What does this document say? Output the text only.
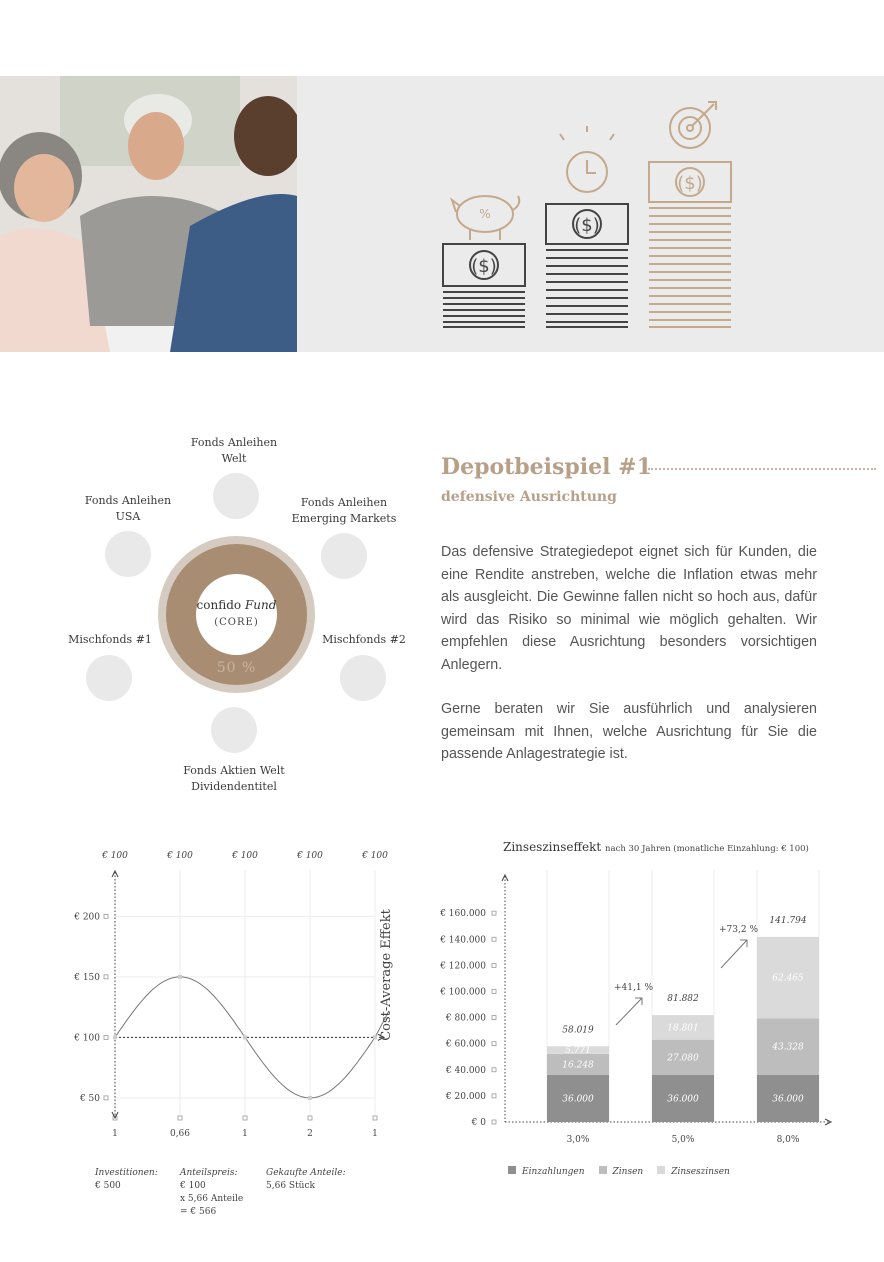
%
($)
($)
($)
Fonds Anleihen
Welt
Fonds Anleihen
Emerging Markets
Mischfonds #2
Fonds Aktien Welt
Dividendentitel
Mischfonds #1
Fonds Anleihen
USA
confido Fund
(CORE)
50 %
Depotbeispiel #1
defensive Ausrichtung
Das defensive Strategiedepot eignet sich für Kunden, die eine Rendite anstreben, welche die Inflation etwas mehr als ausgleicht. Die Gewinne fallen nicht so hoch aus, dafür wird das Risiko so minimal wie möglich gehalten. Wir empfehlen diese Ausrichtung besonders vorsichtigen Anlegern.
Gerne beraten wir Sie ausführlich und analysieren gemeinsam mit Ihnen, welche Ausrichtung für Sie die passende Anlagestrategie ist.
€ 100
1
€ 100
0,66
€ 100
1
€ 100
2
€ 100
1
€ 200
€ 150
€ 100
€ 50
Cost-Average Effekt
Investitionen:
€ 500
Anteilspreis:
€ 100
x 5,66 Anteile
= € 566
Gekaufte Anteile:
5,66 Stück
Zinseszinseffekt nach 30 Jahren (monatliche Einzahlung: € 100)
€ 160.000
€ 140.000
€ 120.000
€ 100.000
€ 80.000
€ 60.000
€ 40.000
€ 20.000
€ 0
36.000
16.248
5.771
58.019
3,0%
36.000
27.080
18.801
81.882
5,0%
36.000
43.328
62.465
141.794
8,0%
+41,1 %
+73,2 %
Einzahlungen	Zinsen	Zinseszinsen
